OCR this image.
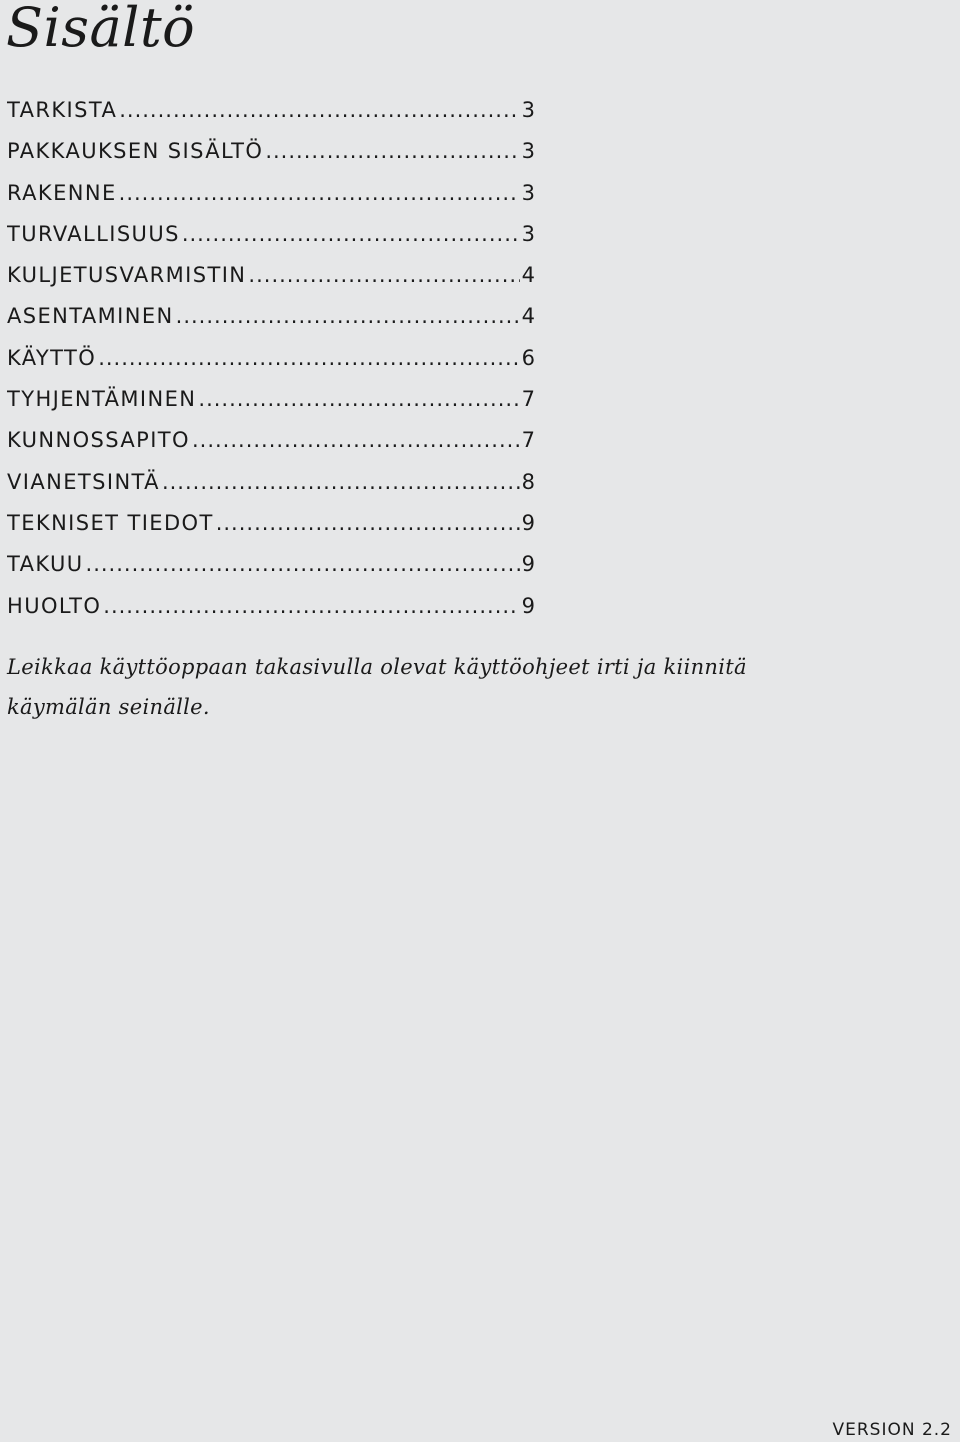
Sisältö
TARKISTA .....	3
PAKKAUKSEN SISÄLTÖ .....	3
RAKENNE .....	3
TURVALLISUUS .....	3
KULJETUSVARMISTIN .....	4
ASENTAMINEN .....	4
KÄYTTÖ .....	6
TYHJENTÄMINEN .....	7
KUNNOSSAPITO .....	7
VIANETSINTÄ .....	8
TEKNISET TIEDOT .....	9
TAKUU .....	9
HUOLTO .....	9

Leikkaa käyttöoppaan takasivulla olevat käyttöohjeet irti ja kiinnitä käymälän seinälle.

VERSION 2.2
